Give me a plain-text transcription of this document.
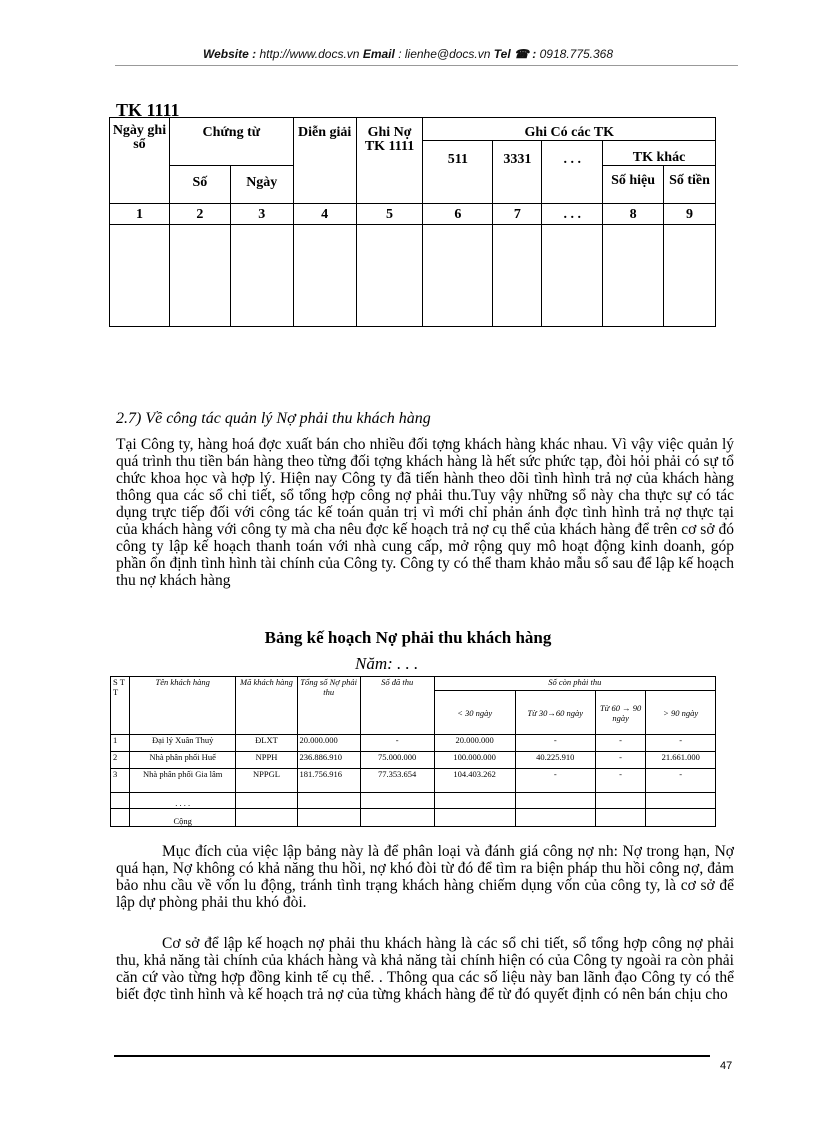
Website : http://www.docs.vn Email : lienhe@docs.vn Tel ☎ : 0918.775.368
TK 1111
Ngày ghi sổ	Chứng từ		Diễn giải	Ghi Nợ TK 1111	Ghi Có các TK				
					511	3331	. . .	TK khác	
	Số	Ngày						Số hiệu	Số tiền
1	2	3	4	5	6	7	. . .	8	9

2.7) Về công tác quản lý Nợ phải thu khách hàng

Tại Công ty, hàng hoá đợc xuất bán cho nhiều đối tợng khách hàng khác nhau. Vì vậy việc quản lý quá trình thu tiền bán hàng theo từng đối tợng khách hàng là hết sức phức tạp, đòi hỏi phải có sự tổ chức khoa học và hợp lý. Hiện nay Công ty đã tiến hành theo dõi tình hình trả nợ của khách hàng thông qua các sổ chi tiết, sổ tổng hợp công nợ phải thu.Tuy vậy những sổ này cha thực sự có tác dụng trực tiếp đối với công tác kế toán quản trị vì mới chỉ phản ánh đợc tình hình trả nợ thực tại của khách hàng với công ty mà cha nêu đợc kế hoạch trả nợ cụ thể của khách hàng để trên cơ sở đó công ty lập kế hoạch thanh toán với nhà cung cấp, mở rộng quy mô hoạt động kinh doanh, góp phần ổn định tình hình tài chính của Công ty. Công ty có thể tham khảo mẫu sổ sau để lập kế hoạch thu nợ khách hàng

Bảng kế hoạch Nợ phải thu khách hàng
Năm: . . .
S T T	Tên khách hàng	Mã khách hàng	Tổng số Nợ phải thu	Số đã thu	Số còn phải thu			
					< 30 ngày	Từ 30→60 ngày	Từ 60 → 90 ngày	> 90 ngày
1	Đại lý Xuân Thuỷ	ĐLXT	20.000.000	-	20.000.000	-	-	-
2	Nhà phân phối Huế	NPPH	236.886.910	75.000.000	100.000.000	40.225.910	-	21.661.000
3	Nhà phân phối Gia lâm	NPPGL	181.756.916	77.353.654	104.403.262	-	-	-
	. . . .							
	Cộng							

Mục đích của việc lập bảng này là để phân loại và đánh giá công nợ nh: Nợ trong hạn, Nợ quá hạn, Nợ không có khả năng thu hồi, nợ khó đòi từ đó để tìm ra biện pháp thu hồi công nợ, đảm bảo nhu cầu về vốn lu động, tránh tình trạng khách hàng chiếm dụng vốn của công ty, là cơ sở để lập dự phòng phải thu khó đòi.

Cơ sở để lập kế hoạch nợ phải thu khách hàng là các sổ chi tiết, sổ tổng hợp công nợ phải thu, khả năng tài chính của khách hàng và khả năng tài chính hiện có của Công ty ngoài ra còn phải căn cứ vào từng hợp đồng kinh tế cụ thể. . Thông qua các số liệu này ban lãnh đạo Công ty có thể biết đợc tình hình và kế hoạch trả nợ của từng khách hàng để từ đó quyết định có nên bán chịu cho

47
